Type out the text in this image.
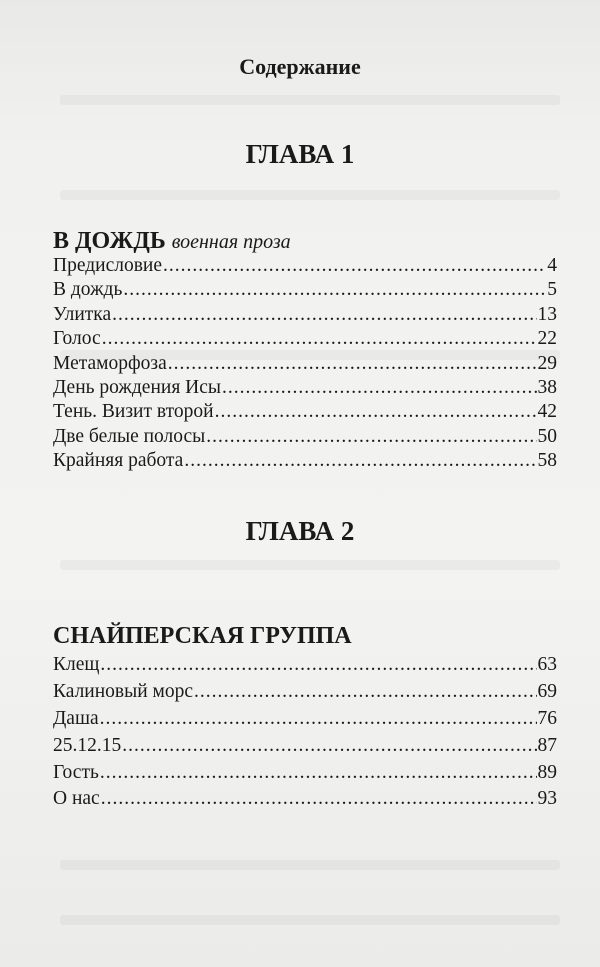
Содержание
ГЛАВА 1
В ДОЖДЬ военная проза
Предисловие .....	4
В дождь .....	5
Улитка .....	13
Голос .....	22
Метаморфоза .....	29
День рождения Исы .....	38
Тень. Визит второй .....	42
Две белые полосы .....	50
Крайняя работа .....	58
ГЛАВА 2
СНАЙПЕРСКАЯ ГРУППА
Клещ .....	63
Калиновый морс .....	69
Даша .....	76
25.12.15 .....	87
Гость .....	89
О нас .....	93
